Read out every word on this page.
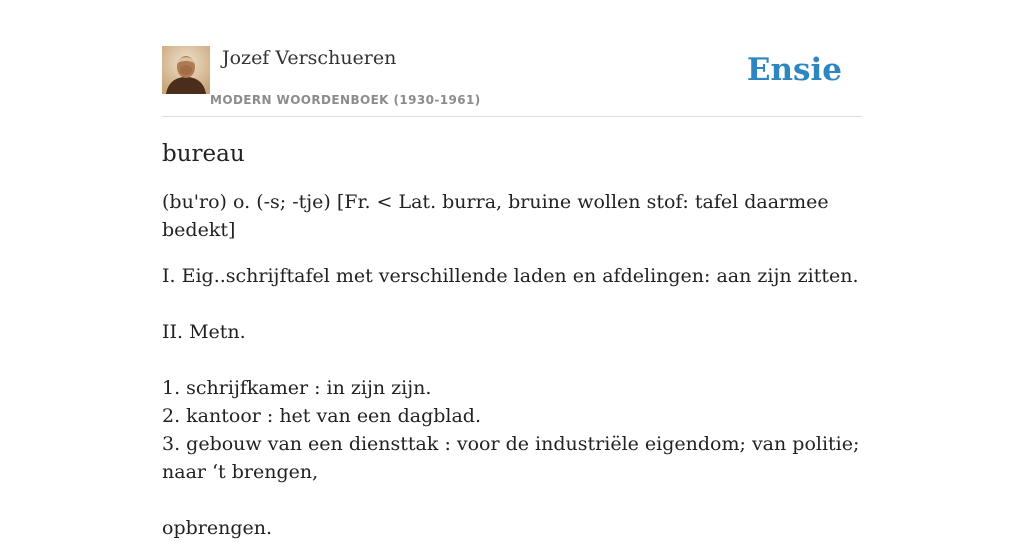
Jozef Verschueren
MODERN WOORDENBOEK (1930-1961)
Ensie
bureau

(bu'ro) o. (-s; -tje) [Fr. < Lat. burra, bruine wollen stof: tafel daarmee bedekt]

I. Eig..schrijftafel met verschillende laden en afdelingen: aan zijn zitten.

II. Metn.

1. schrijfkamer : in zijn zijn.

2. kantoor : het van een dagblad.

3. gebouw van een diensttak : voor de industriële eigendom; van politie; naar ‘t brengen,

opbrengen.
